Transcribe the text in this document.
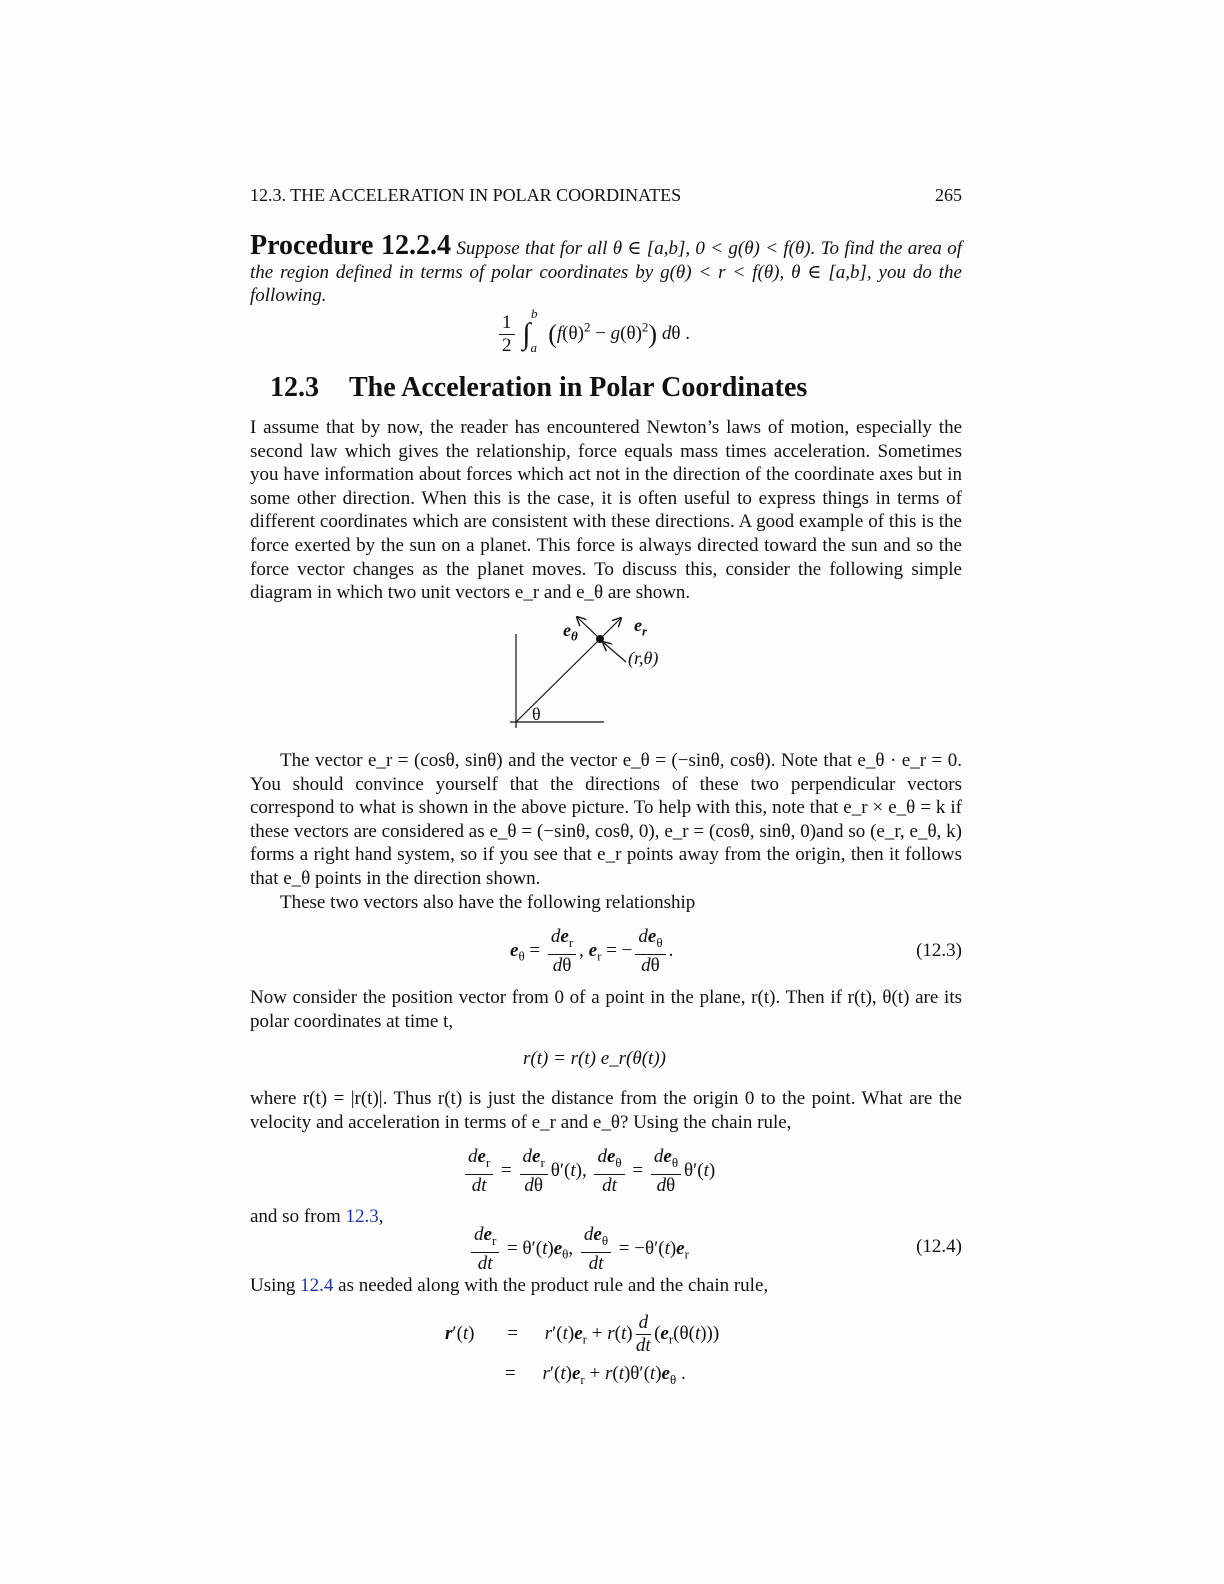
12.3. THE ACCELERATION IN POLAR COORDINATES	265
Procedure 12.2.4 Suppose that for all θ ∈ [a,b], 0 < g(θ) < f(θ). To find the area of the region defined in terms of polar coordinates by g(θ) < r < f(θ), θ ∈ [a,b], you do the following.
$\frac{1}{2} \int_a^b$ $(f(\theta)^2 - g(\theta)^2)$ dθ .
12.3 The Acceleration in Polar Coordinates
I assume that by now, the reader has encountered Newton’s laws of motion, especially the second law which gives the relationship, force equals mass times acceleration. Sometimes you have information about forces which act not in the direction of the coordinate axes but in some other direction. When this is the case, it is often useful to express things in terms of different coordinates which are consistent with these directions. A good example of this is the force exerted by the sun on a planet. This force is always directed toward the sun and so the force vector changes as the planet moves. To discuss this, consider the following simple diagram in which two unit vectors e_r and e_θ are shown.
$e_\theta$
$e_r$
(r,θ)
θ
The vector e_r = (cosθ, sinθ) and the vector e_θ = (−sinθ, cosθ). Note that e_θ · e_r = 0. You should convince yourself that the directions of these two perpendicular vectors correspond to what is shown in the above picture. To help with this, note that e_r × e_θ = k if these vectors are considered as e_θ = (−sinθ, cosθ, 0), e_r = (cosθ, sinθ, 0)and so (e_r, e_θ, k) forms a right hand system, so if you see that e_r points away from the origin, then it follows that e_θ points in the direction shown.
These two vectors also have the following relationship
$e_\theta = \frac{de_r}{d\theta}$ , $e_r$ = − $\frac{de_\theta}{d\theta}$ .	(12.3)
Now consider the position vector from 0 of a point in the plane, r(t). Then if r(t), θ(t) are its polar coordinates at time t,
r(t) = r(t) e_r(θ(t))
where r(t) = |r(t)|. Thus r(t) is just the distance from the origin 0 to the point. What are the velocity and acceleration in terms of e_r and e_θ? Using the chain rule,
$\frac{de_r}{dt} = \frac{de_r}{d\theta} \theta'(t)$, $\frac{de_\theta}{dt} = \frac{de_\theta}{d\theta} \theta'(t)$
and so from 12.3,
$\frac{de_r}{dt} = \theta'(t)e_\theta$, $\frac{de_\theta}{dt} = -\theta'(t)e_r$	(12.4)
Using 12.4 as needed along with the product rule and the chain rule,
$r'(t) = r'(t)e_r + r(t) \frac{d}{dt} (e_r(\theta(t)))$
= $r'(t)e_r + r(t)\theta'(t)e_\theta$ .
